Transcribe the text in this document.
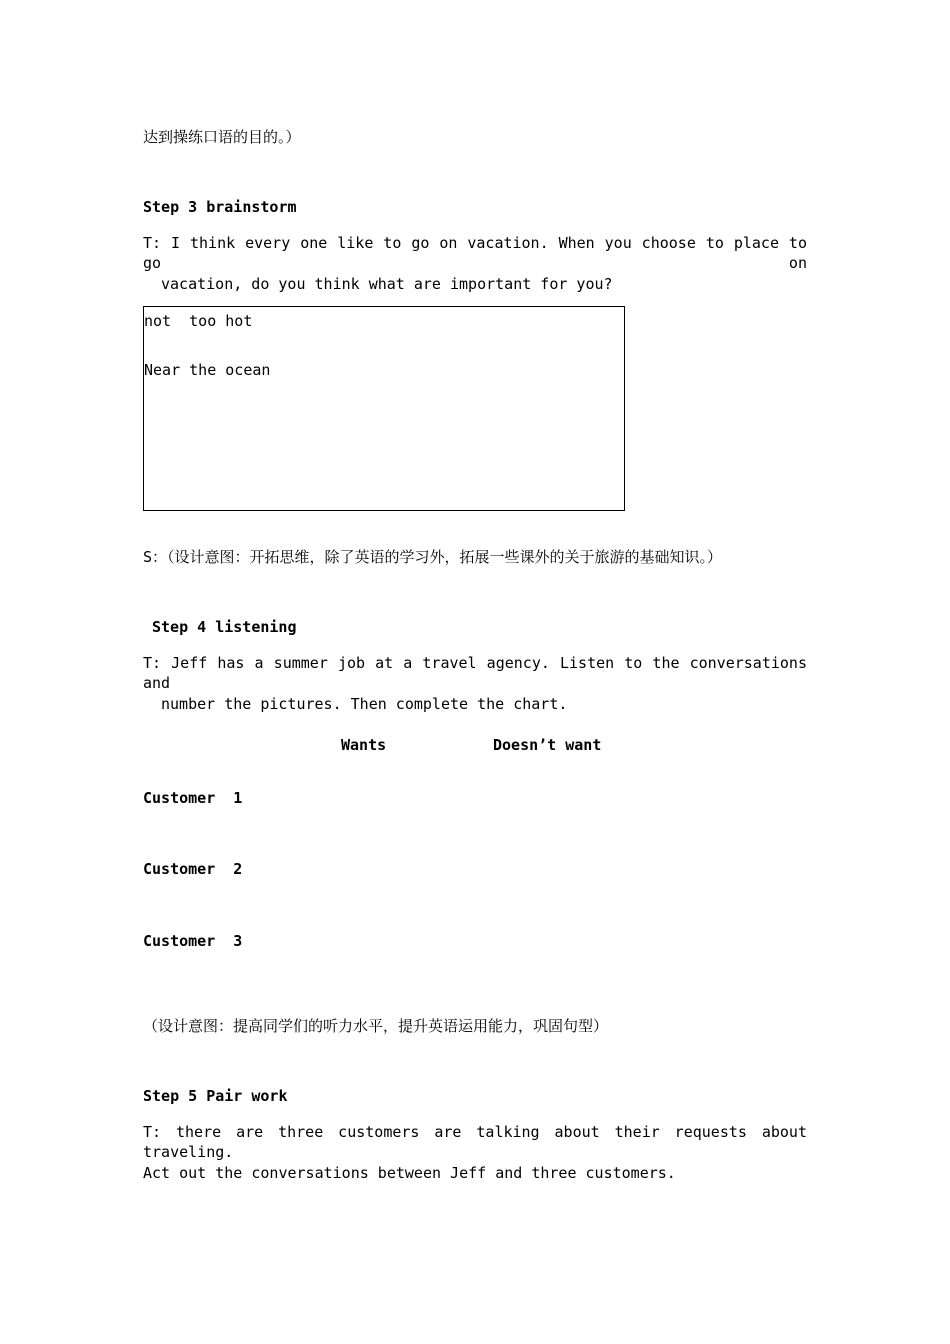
达到操练口语的目的。）
Step 3 brainstorm
T: I think every one like to go on vacation. When you choose to place to go on
vacation, do you think what are important for you?
not  too hot
Near the ocean
S：（设计意图：开拓思维，除了英语的学习外，拓展一些课外的关于旅游的基础知识。）
Step 4 listening
T: Jeff has a summer job at a travel agency. Listen to the conversations and
number the pictures. Then complete the chart.
Wants	Doesn’t want
Customer  1
Customer  2
Customer  3
（设计意图：提高同学们的听力水平，提升英语运用能力，巩固句型）
Step 5 Pair work
T: there are three customers are talking about their requests about traveling.
Act out the conversations between Jeff and three customers.
